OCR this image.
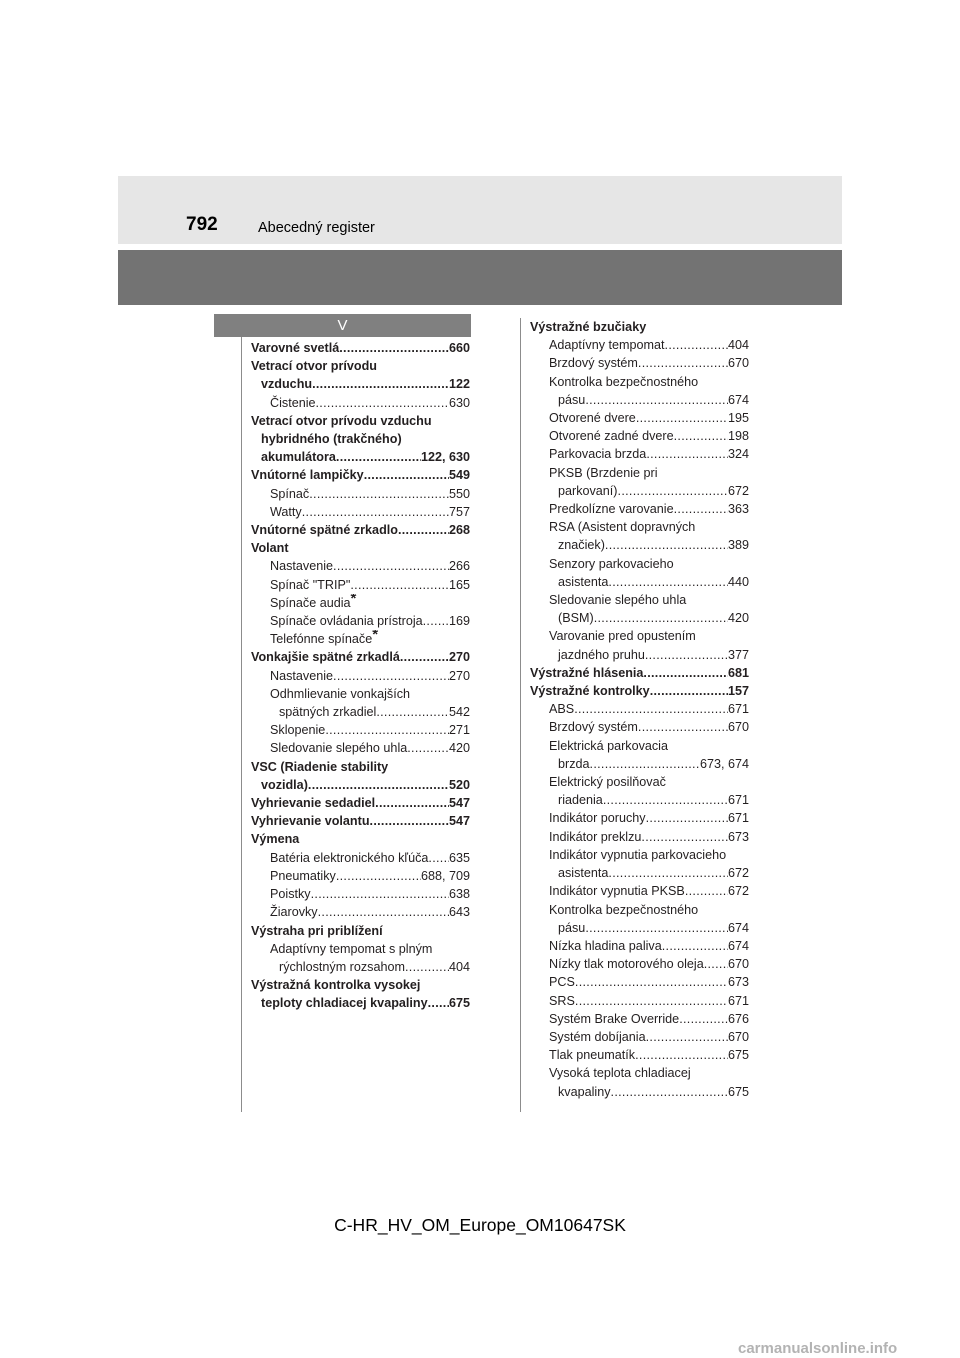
792	Abecedný register
V
Varovné svetlá . . .	660
Vetrací otvor prívodu
vzduchu . . .	122
Čistenie . . .	630
Vetrací otvor prívodu vzduchu
hybridného (trakčného)
akumulátora . . .	122, 630
Vnútorné lampičky . . .	549
Spínač . . .	550
Watty . . .	757
Vnútorné spätné zrkadlo . . .	268
Volant
Nastavenie . . .	266
Spínač "TRIP" . . .	165
Spínače audia*
Spínače ovládania prístroja . . . 169
Telefónne spínače*
Vonkajšie spätné zrkadlá . . .	270
Nastavenie . . .	270
Odhmlievanie vonkajších
spätných zrkadiel . . .	542
Sklopenie . . .	271
Sledovanie slepého uhla . . .	420
VSC (Riadenie stability
vozidla) . . .	520
Vyhrievanie sedadiel . . .	547
Vyhrievanie volantu . . .	547
Výmena
Batéria elektronického kľúča . . . 635
Pneumatiky . . .	688, 709
Poistky . . .	638
Žiarovky . . .	643
Výstraha pri priblížení
Adaptívny tempomat s plným
rýchlostným rozsahom . . .	404
Výstražná kontrolka vysokej
teploty chladiacej kvapaliny . . . 675
Výstražné bzučiaky
Adaptívny tempomat . . .	404
Brzdový systém . . .	670
Kontrolka bezpečnostného
pásu . . .	674
Otvorené dvere . . .	195
Otvorené zadné dvere . . .	198
Parkovacia brzda . . .	324
PKSB (Brzdenie pri
parkovaní) . . .	672
Predkolízne varovanie . . .	363
RSA (Asistent dopravných
značiek) . . .	389
Senzory parkovacieho
asistenta . . .	440
Sledovanie slepého uhla
(BSM) . . .	420
Varovanie pred opustením
jazdného pruhu . . .	377
Výstražné hlásenia . . .	681
Výstražné kontrolky . . .	157
ABS . . .	671
Brzdový systém . . .	670
Elektrická parkovacia
brzda . . .	673, 674
Elektrický posilňovač
riadenia . . .	671
Indikátor poruchy . . .	671
Indikátor preklzu . . .	673
Indikátor vypnutia parkovacieho
asistenta . . .	672
Indikátor vypnutia PKSB . . .	672
Kontrolka bezpečnostného
pásu . . .	674
Nízka hladina paliva . . .	674
Nízky tlak motorového oleja . . . 670
PCS . . .	673
SRS . . .	671
Systém Brake Override . . .	676
Systém dobíjania . . .	670
Tlak pneumatík . . .	675
Vysoká teplota chladiacej
kvapaliny . . .	675
C-HR_HV_OM_Europe_OM10647SK
carmanualsonline.info
